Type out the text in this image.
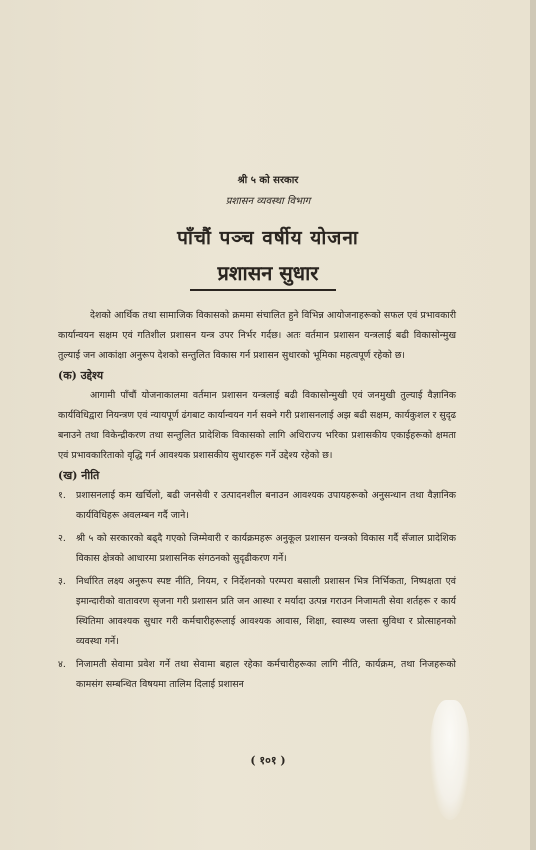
श्री ५ को सरकार
प्रशासन व्यवस्था विभाग
पाँचौं पञ्च वर्षीय योजना
प्रशासन सुधार

देशको आर्थिक तथा सामाजिक विकासको क्रममा संचालित हुने विभिन्न आयोजनाहरूको सफल एवं प्रभावकारी कार्यान्वयन सक्षम एवं गतिशील प्रशासन यन्त्र उपर निर्भर गर्दछ। अतः वर्तमान प्रशासन यन्त्रलाई बढी विकासोन्मुख तुल्याई जन आकांक्षा अनुरूप देशको सन्तुलित विकास गर्न प्रशासन सुधारको भूमिका महत्वपूर्ण रहेको छ।

(क) उद्देश्य

आगामी पाँचौं योजनाकालमा वर्तमान प्रशासन यन्त्रलाई बढी विकासोन्मुखी एवं जनमुखी तुल्याई वैज्ञानिक कार्यविधिद्वारा नियन्त्रण एवं न्यायपूर्ण ढंगबाट कार्यान्वयन गर्न सक्ने गरी प्रशासनलाई अझ बढी सक्षम, कार्यकुशल र सुदृढ बनाउने तथा विकेन्द्रीकरण तथा सन्तुलित प्रादेशिक विकासको लागि अधिराज्य भरिका प्रशासकीय एकाईहरूको क्षमता एवं प्रभावकारिताको वृद्धि गर्न आवश्यक प्रशासकीय सुधारहरू गर्ने उद्देश्य रहेको छ।

(ख) नीति

१.	प्रशासनलाई कम खर्चिलो, बढी जनसेवी र उत्पादनशील बनाउन आवश्यक उपायहरूको अनुसन्धान तथा वैज्ञानिक कार्यविधिहरू अवलम्बन गर्दै जाने।
२.	श्री ५ को सरकारको बढ्दै गएको जिम्मेवारी र कार्यक्रमहरू अनुकूल प्रशासन यन्त्रको विकास गर्दै सँजाल प्रादेशिक विकास क्षेत्रको आधारमा प्रशासनिक संगठनको सुदृढीकरण गर्ने।
३.	निर्धारित लक्ष्य अनुरूप स्पष्ट नीति, नियम, र निर्देशनको परम्परा बसाली प्रशासन भित्र निर्भिकता, निष्पक्षता एवं इमान्दारीको वातावरण सृजना गरी प्रशासन प्रति जन आस्था र मर्यादा उत्पन्न गराउन निजामती सेवा शर्तहरू र कार्य स्थितिमा आवश्यक सुधार गरी कर्मचारीहरूलाई आवश्यक आवास, शिक्षा, स्वास्थ्य जस्ता सुविधा र प्रोत्साहनको व्यवस्था गर्ने।
४.	निजामती सेवामा प्रवेश गर्ने तथा सेवामा बहाल रहेका कर्मचारीहरूका लागि नीति, कार्यक्रम, तथा निजहरूको कामसंग सम्बन्धित विषयमा तालिम दिलाई प्रशासन
( १०१ )
